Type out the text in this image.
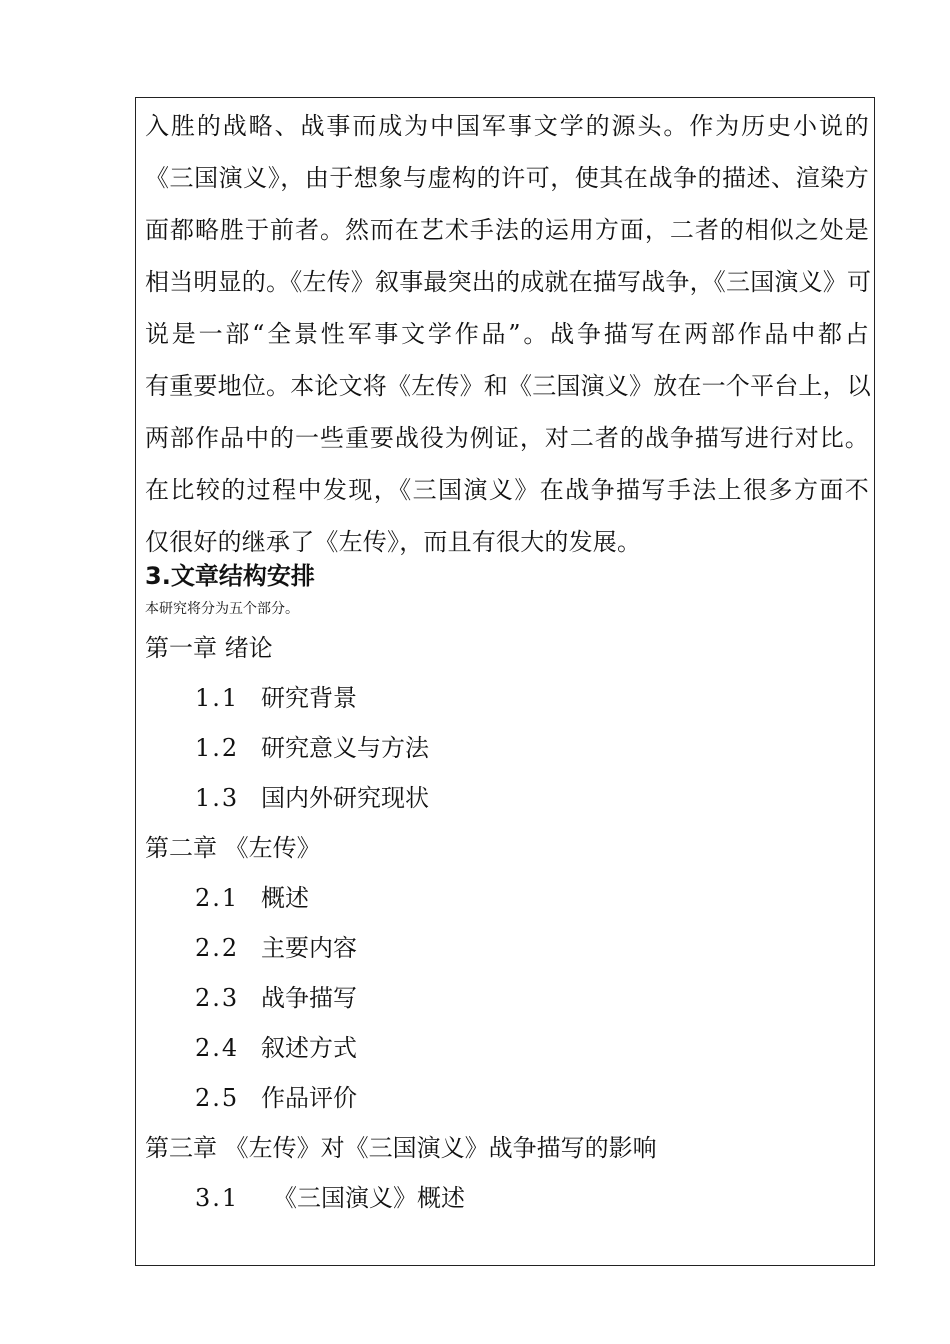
入胜的战略、战事而成为中国军事文学的源头。作为历史小说的
《三国演义》，由于想象与虚构的许可，使其在战争的描述、渲染方
面都略胜于前者。然而在艺术手法的运用方面，二者的相似之处是
相当明显的。《左传》叙事最突出的成就在描写战争，《三国演义》可
说是一部“全景性军事文学作品”。战争描写在两部作品中都占
有重要地位。本论文将《左传》和《三国演义》放在一个平台上，以
两部作品中的一些重要战役为例证，对二者的战争描写进行对比。
在比较的过程中发现，《三国演义》在战争描写手法上很多方面不
仅很好的继承了《左传》，而且有很大的发展。
3.文章结构安排
本研究将分为五个部分。
第一章 绪论
1.1 研究背景
1.2 研究意义与方法
1.3 国内外研究现状
第二章 《左传》
2.1 概述
2.2 主要内容
2.3 战争描写
2.4 叙述方式
2.5 作品评价
第三章 《左传》对《三国演义》战争描写的影响
3.1 《三国演义》概述
